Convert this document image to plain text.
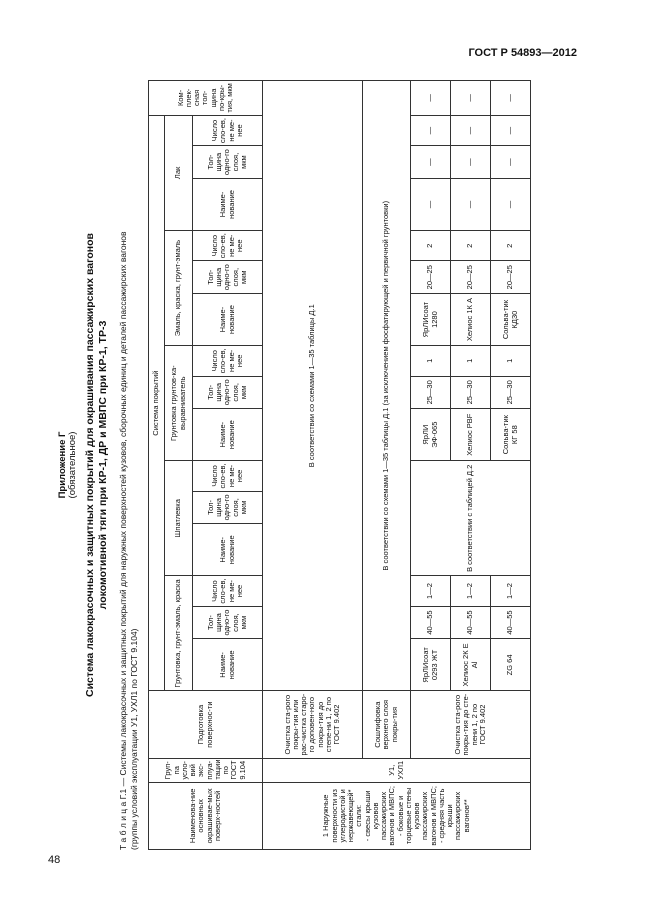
ГОСТ Р 54893—2012
Приложение Г (обязательное) Система лакокрасочных и защитных покрытий для окрашивания пассажирских вагонов локомотивной тяги при КР-1, ДР и МВПС при КР-1, ТР-3 Т а б л и ц а Г.1 — Системы лакокрасочных и защитных покрытий для наружных поверхностей кузовов, сборочных единиц и деталей пассажирских вагонов (группы условий эксплуатации У1, УХЛ1 по ГОСТ 9.104)	Наименова-ние основных окрашивае-мых поверх-ностей	Груп-па усло-вий экс-плуа-тации по ГОСТ 9.104	Подготовка поверхнос-ти	Система покрытий															Ком-плек-сная тол-щина по-кры-тия, мкм
			Грунтовка, грунт-эмаль, краска			Шпатлевка			Грунтовка грунтов-ка-выравниватель			Эмаль, краска, грунт-эмаль			Лак			
			Наиме-нование	Тол-щина одно-го слоя, мкм	Число сло-ев, не ме-нее	Наиме-нование	Тол-щина одно-го слоя, мкм	Число сло-ев, не ме-нее	Наиме-нование	Тол-щина одно-го слоя, мкм	Число сло-ев, не ме-нее	Наиме-нование	Тол-щина одно-го слоя, мкм	Число сло-ев, не ме-нее	Наиме-нование	Тол-щина одно-го слоя, мкм	Число сло-ев, не ме-нее	

1 Наружные поверхности из углеродистой и нержавеющей* стали: - свесы крыши кузовов пассажирских вагонов и МВПС; - боковые и торцевые стены кузовов пассажирских вагонов и МВПС; - средняя часть крыши пассажирских вагонов**	У1, УХЛ1	Очистка ста-рого покры-тия или рас-чистка старо-го доповен-ного покры-тия до степе-ни 1, 2 по ГОСТ 9.402	В соответствии со схемами 1—35 таблицы Д.1															
		Сошлифовка верхнего слоя покры-тия	В соответствии со схемами 1—35 таблицы Д.1 (за исключением фосфатирующей и первичной грунтовки)															
		Очистка ста-рого покры-тия до сте-пени 1, 2 по ГОСТ 9.402	ЯрЛИсоат 0293 ЖТ	40—55	1—2	В соответствии с таблицей Д.2			ЯрЛИ ЭФ-065	25—30	1	ЯрЛИсоат 1280	20—25	2	—	—	—	—
			Хелиос 2К Е Al	40—55	1—2				Хелиос PBF	25—30	1	Хелиос 1К А	20—25	2	—	—	—	—
			ZG 64	40—55	1—2				Сольва-тик КГ 58	25—30	1	Сольва-тик КД30	20—25	2	—	—	—	—
48
